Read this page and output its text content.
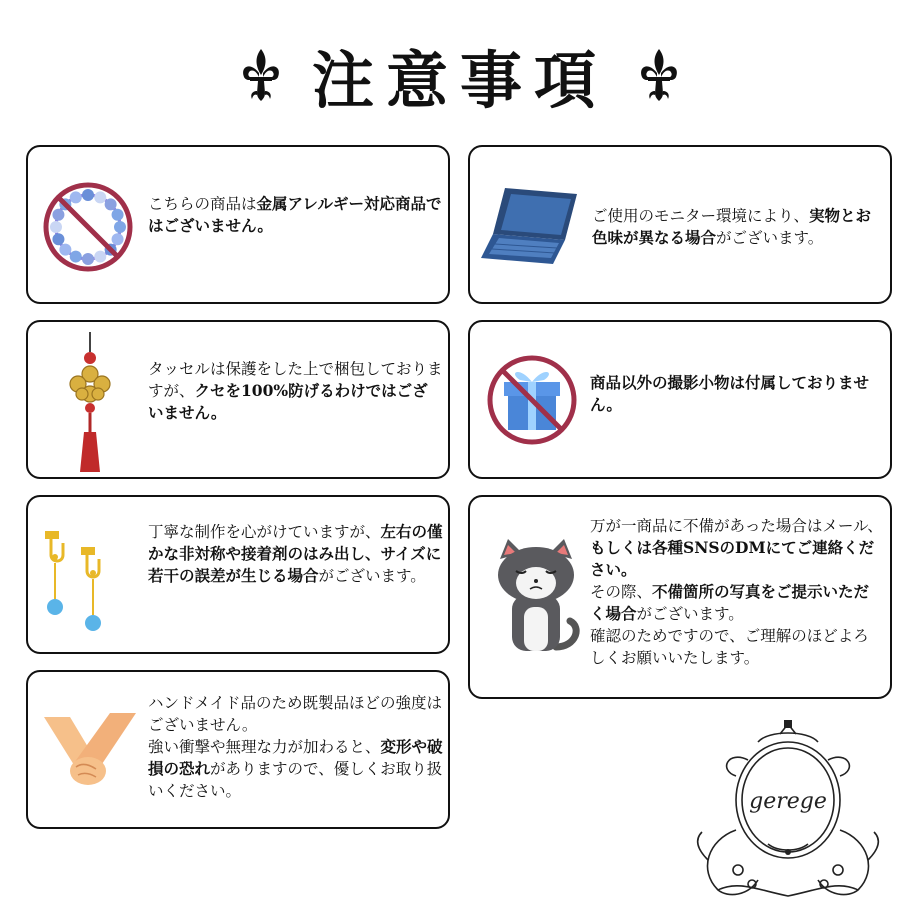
注意事項
こちらの商品は金属アレルギー対応商品ではございません。	ご使用のモニター環境により、実物とお色味が異なる場合がございます。
タッセルは保護をした上で梱包しておりますが、クセを100%防げるわけではございません。
商品以外の撮影小物は付属しておりません。
丁寧な制作を心がけていますが、左右の僅かな非対称や接着剤のはみ出し、サイズに若干の誤差が生じる場合がございます。
万が一商品に不備があった場合はメール、もしくは各種SNSのDMにてご連絡ください。
その際、不備箇所の写真をご提示いただく場合がございます。
確認のためですので、ご理解のほどよろしくお願いいたします。
ハンドメイド品のため既製品ほどの強度はございません。
強い衝撃や無理な力が加わると、変形や破損の恐れがありますので、優しくお取り扱いください。	gerege
